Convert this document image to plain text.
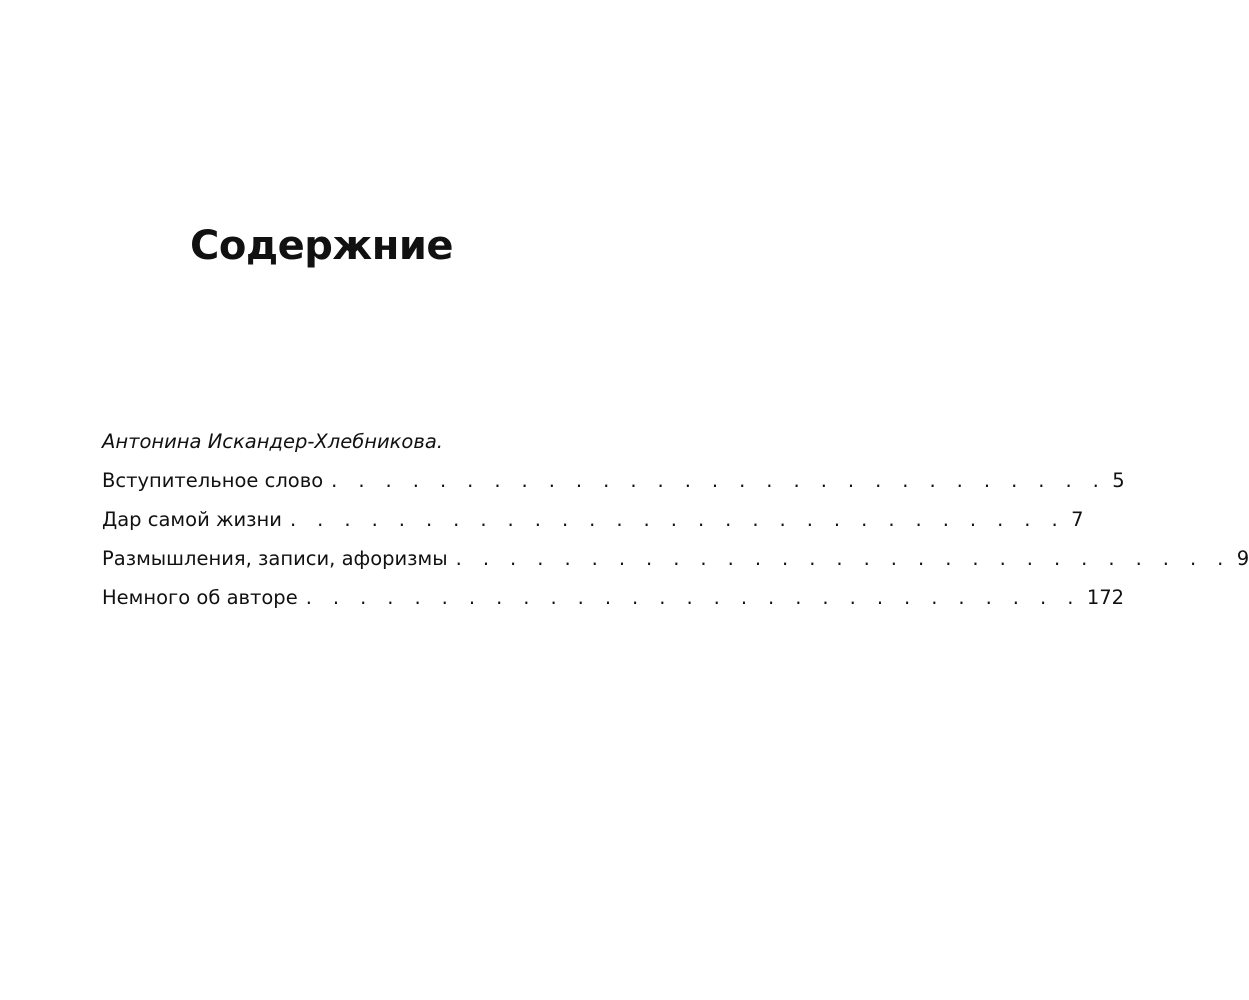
Содержние
Антонина Искандер-Хлебникова.
Вступительное слово . . . . . . . . . . . . . . . . . . . . . . . . . . . . . 5
Дар самой жизни . . . . . . . . . . . . . . . . . . . . . . . . . . . . . 7
Размышления, записи, афоризмы . . . . . . . . . . . . . . . . . . . . . . . . . . . . . 9
Немного об авторе . . . . . . . . . . . . . . . . . . . . . . . . . . . . . 172
